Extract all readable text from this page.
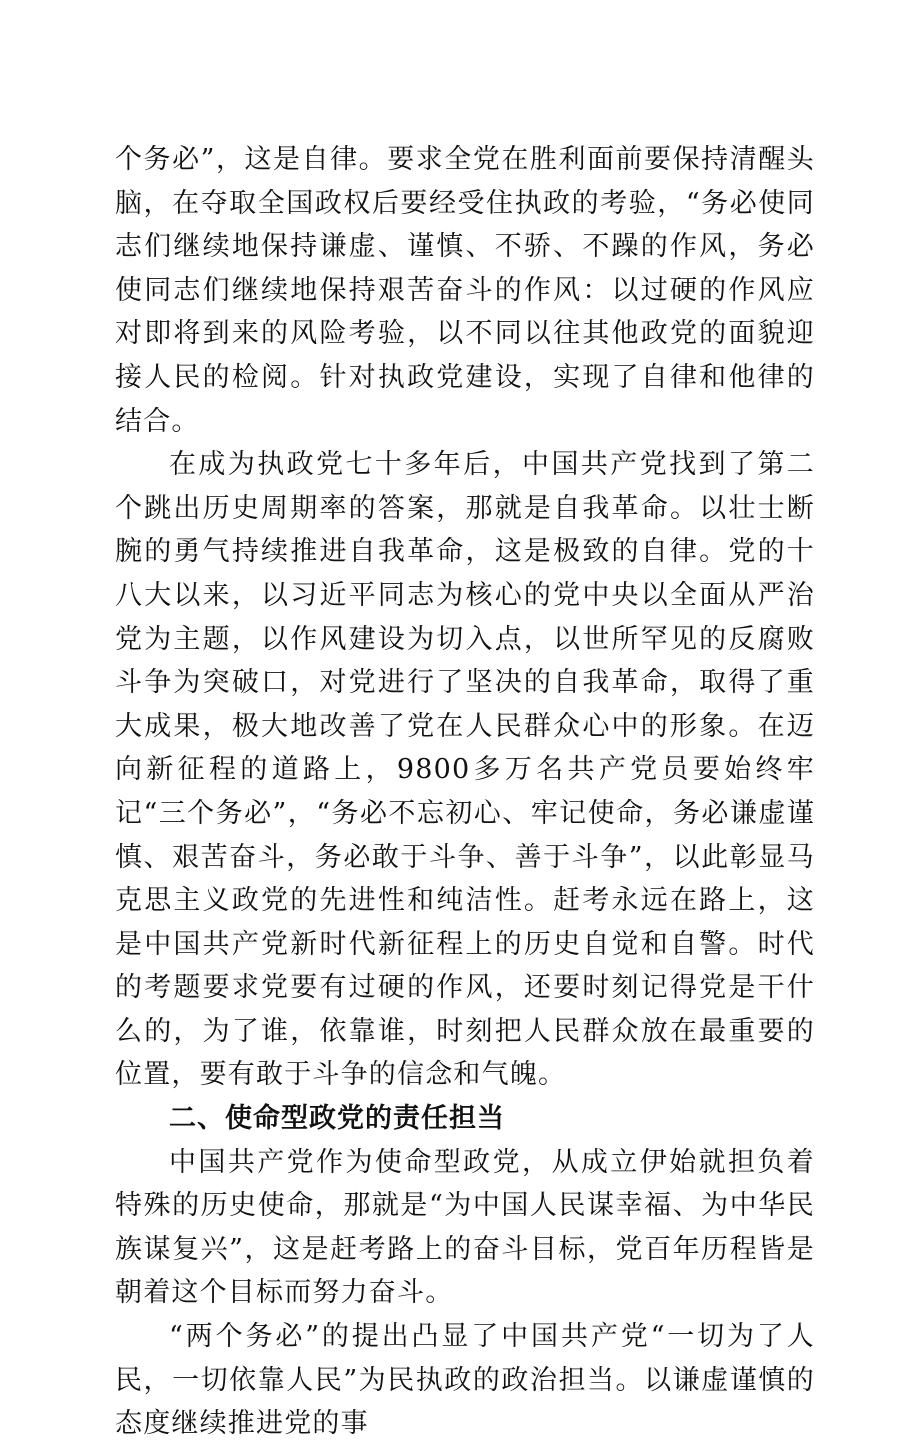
个务必”，这是自律。要求全党在胜利面前要保持清醒头脑，在夺取全国政权后要经受住执政的考验，“务必使同志们继续地保持谦虚、谨慎、不骄、不躁的作风，务必使同志们继续地保持艰苦奋斗的作风：以过硬的作风应对即将到来的风险考验，以不同以往其他政党的面貌迎接人民的检阅。针对执政党建设，实现了自律和他律的结合。

在成为执政党七十多年后，中国共产党找到了第二个跳出历史周期率的答案，那就是自我革命。以壮士断腕的勇气持续推进自我革命，这是极致的自律。党的十八大以来，以习近平同志为核心的党中央以全面从严治党为主题，以作风建设为切入点，以世所罕见的反腐败斗争为突破口，对党进行了坚决的自我革命，取得了重大成果，极大地改善了党在人民群众心中的形象。在迈向新征程的道路上，9800多万名共产党员要始终牢记“三个务必”，“务必不忘初心、牢记使命，务必谦虚谨慎、艰苦奋斗，务必敢于斗争、善于斗争”，以此彰显马克思主义政党的先进性和纯洁性。赶考永远在路上，这是中国共产党新时代新征程上的历史自觉和自警。时代的考题要求党要有过硬的作风，还要时刻记得党是干什么的，为了谁，依靠谁，时刻把人民群众放在最重要的位置，要有敢于斗争的信念和气魄。

二、使命型政党的责任担当

中国共产党作为使命型政党，从成立伊始就担负着特殊的历史使命，那就是“为中国人民谋幸福、为中华民族谋复兴”，这是赶考路上的奋斗目标，党百年历程皆是朝着这个目标而努力奋斗。

“两个务必”的提出凸显了中国共产党“一切为了人民，一切依靠人民”为民执政的政治担当。以谦虚谨慎的态度继续推进党的事
